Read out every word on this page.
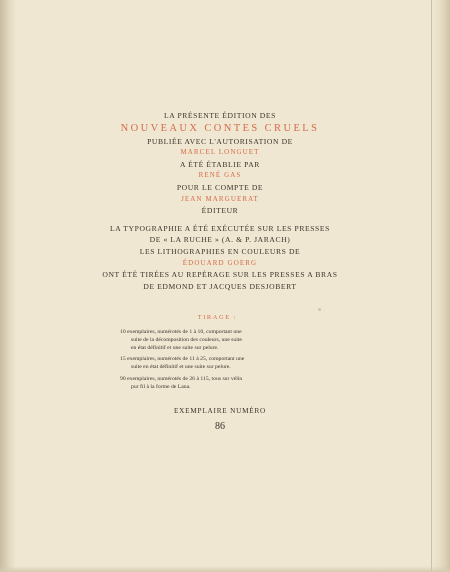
LA PRÉSENTE ÉDITION DES
NOUVEAUX CONTES CRUELS
PUBLIÉE AVEC L'AUTORISATION DE
MARCEL LONGUET
A ÉTÉ ÉTABLIE PAR
RENÉ GAS
POUR LE COMPTE DE
JEAN MARGUERAT
ÉDITEUR
LA TYPOGRAPHIE A ÉTÉ EXÉCUTÉE SUR LES PRESSES
DE « LA RUCHE » (A. & P. JARACH)
LES LITHOGRAPHIES EN COULEURS DE
ÉDOUARD GOERG
ONT ÉTÉ TIRÉES AU REPÉRAGE SUR LES PRESSES A BRAS
DE EDMOND ET JACQUES DESJOBERT
TIRAGE :
10 exemplaires, numérotés de 1 à 10, comportant une
suite de la décomposition des couleurs, une suite
en état définitif et une suite sur pelure.
15 exemplaires, numérotés de 11 à 25, comportant une
suite en état définitif et une suite sur pelure.
90 exemplaires, numérotés de 26 à 115, tous sur vélin
pur fil à la forme de Lana.
EXEMPLAIRE NUMÉRO
86
